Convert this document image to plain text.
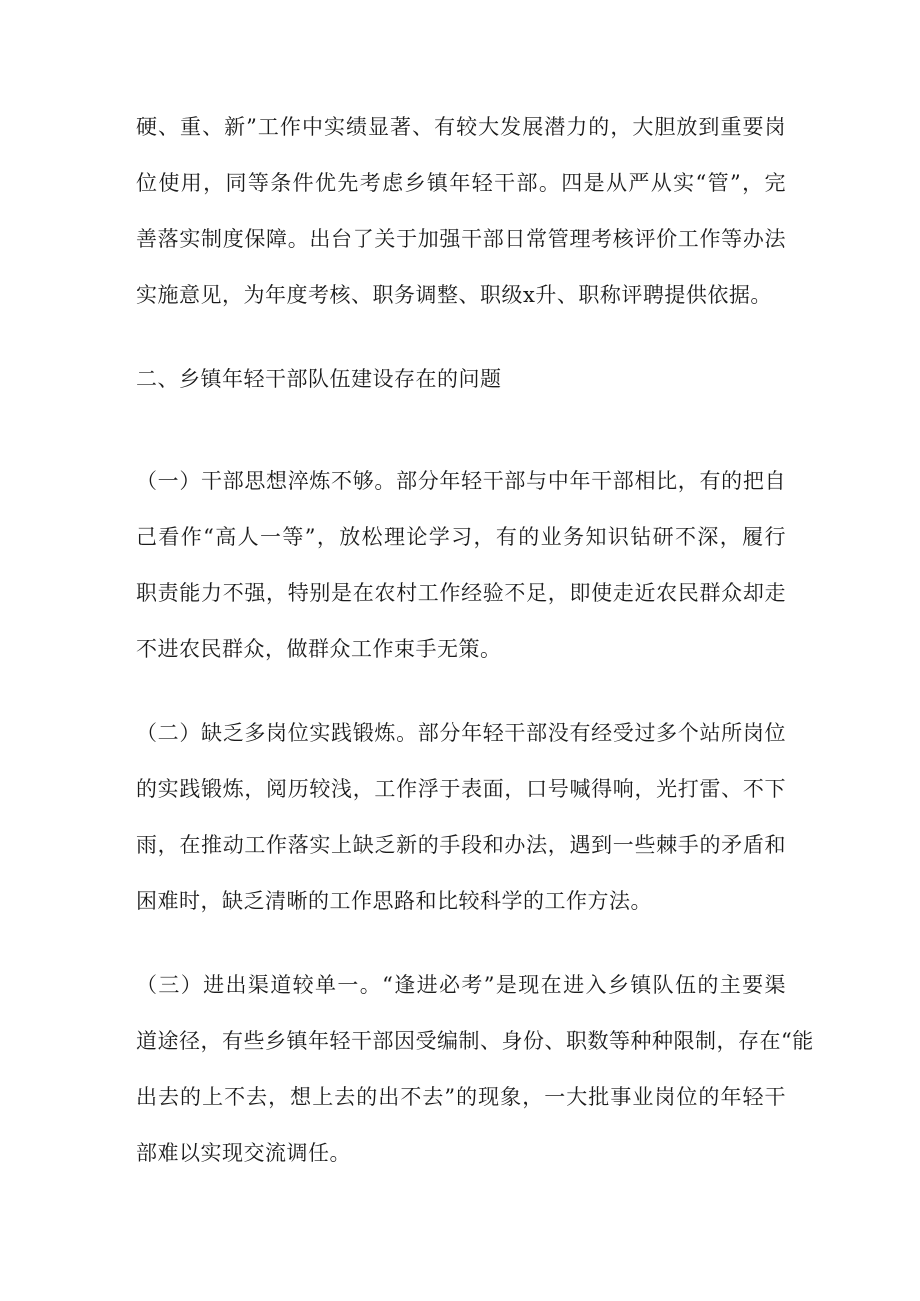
硬、重、新”工作中实绩显著、有较大发展潜力的，大胆放到重要岗
位使用，同等条件优先考虑乡镇年轻干部。四是从严从实“管”，完
善落实制度保障。出台了关于加强干部日常管理考核评价工作等办法
实施意见，为年度考核、职务调整、职级x升、职称评聘提供依据。
二、乡镇年轻干部队伍建设存在的问题
（一）干部思想淬炼不够。部分年轻干部与中年干部相比，有的把自
己看作“高人一等”，放松理论学习，有的业务知识钻研不深，履行
职责能力不强，特别是在农村工作经验不足，即使走近农民群众却走
不进农民群众，做群众工作束手无策。
（二）缺乏多岗位实践锻炼。部分年轻干部没有经受过多个站所岗位
的实践锻炼，阅历较浅，工作浮于表面，口号喊得响，光打雷、不下
雨，在推动工作落实上缺乏新的手段和办法，遇到一些棘手的矛盾和
困难时，缺乏清晰的工作思路和比较科学的工作方法。
（三）进出渠道较单一。“逢进必考”是现在进入乡镇队伍的主要渠
道途径，有些乡镇年轻干部因受编制、身份、职数等种种限制，存在“能
出去的上不去，想上去的出不去”的现象，一大批事业岗位的年轻干
部难以实现交流调任。
